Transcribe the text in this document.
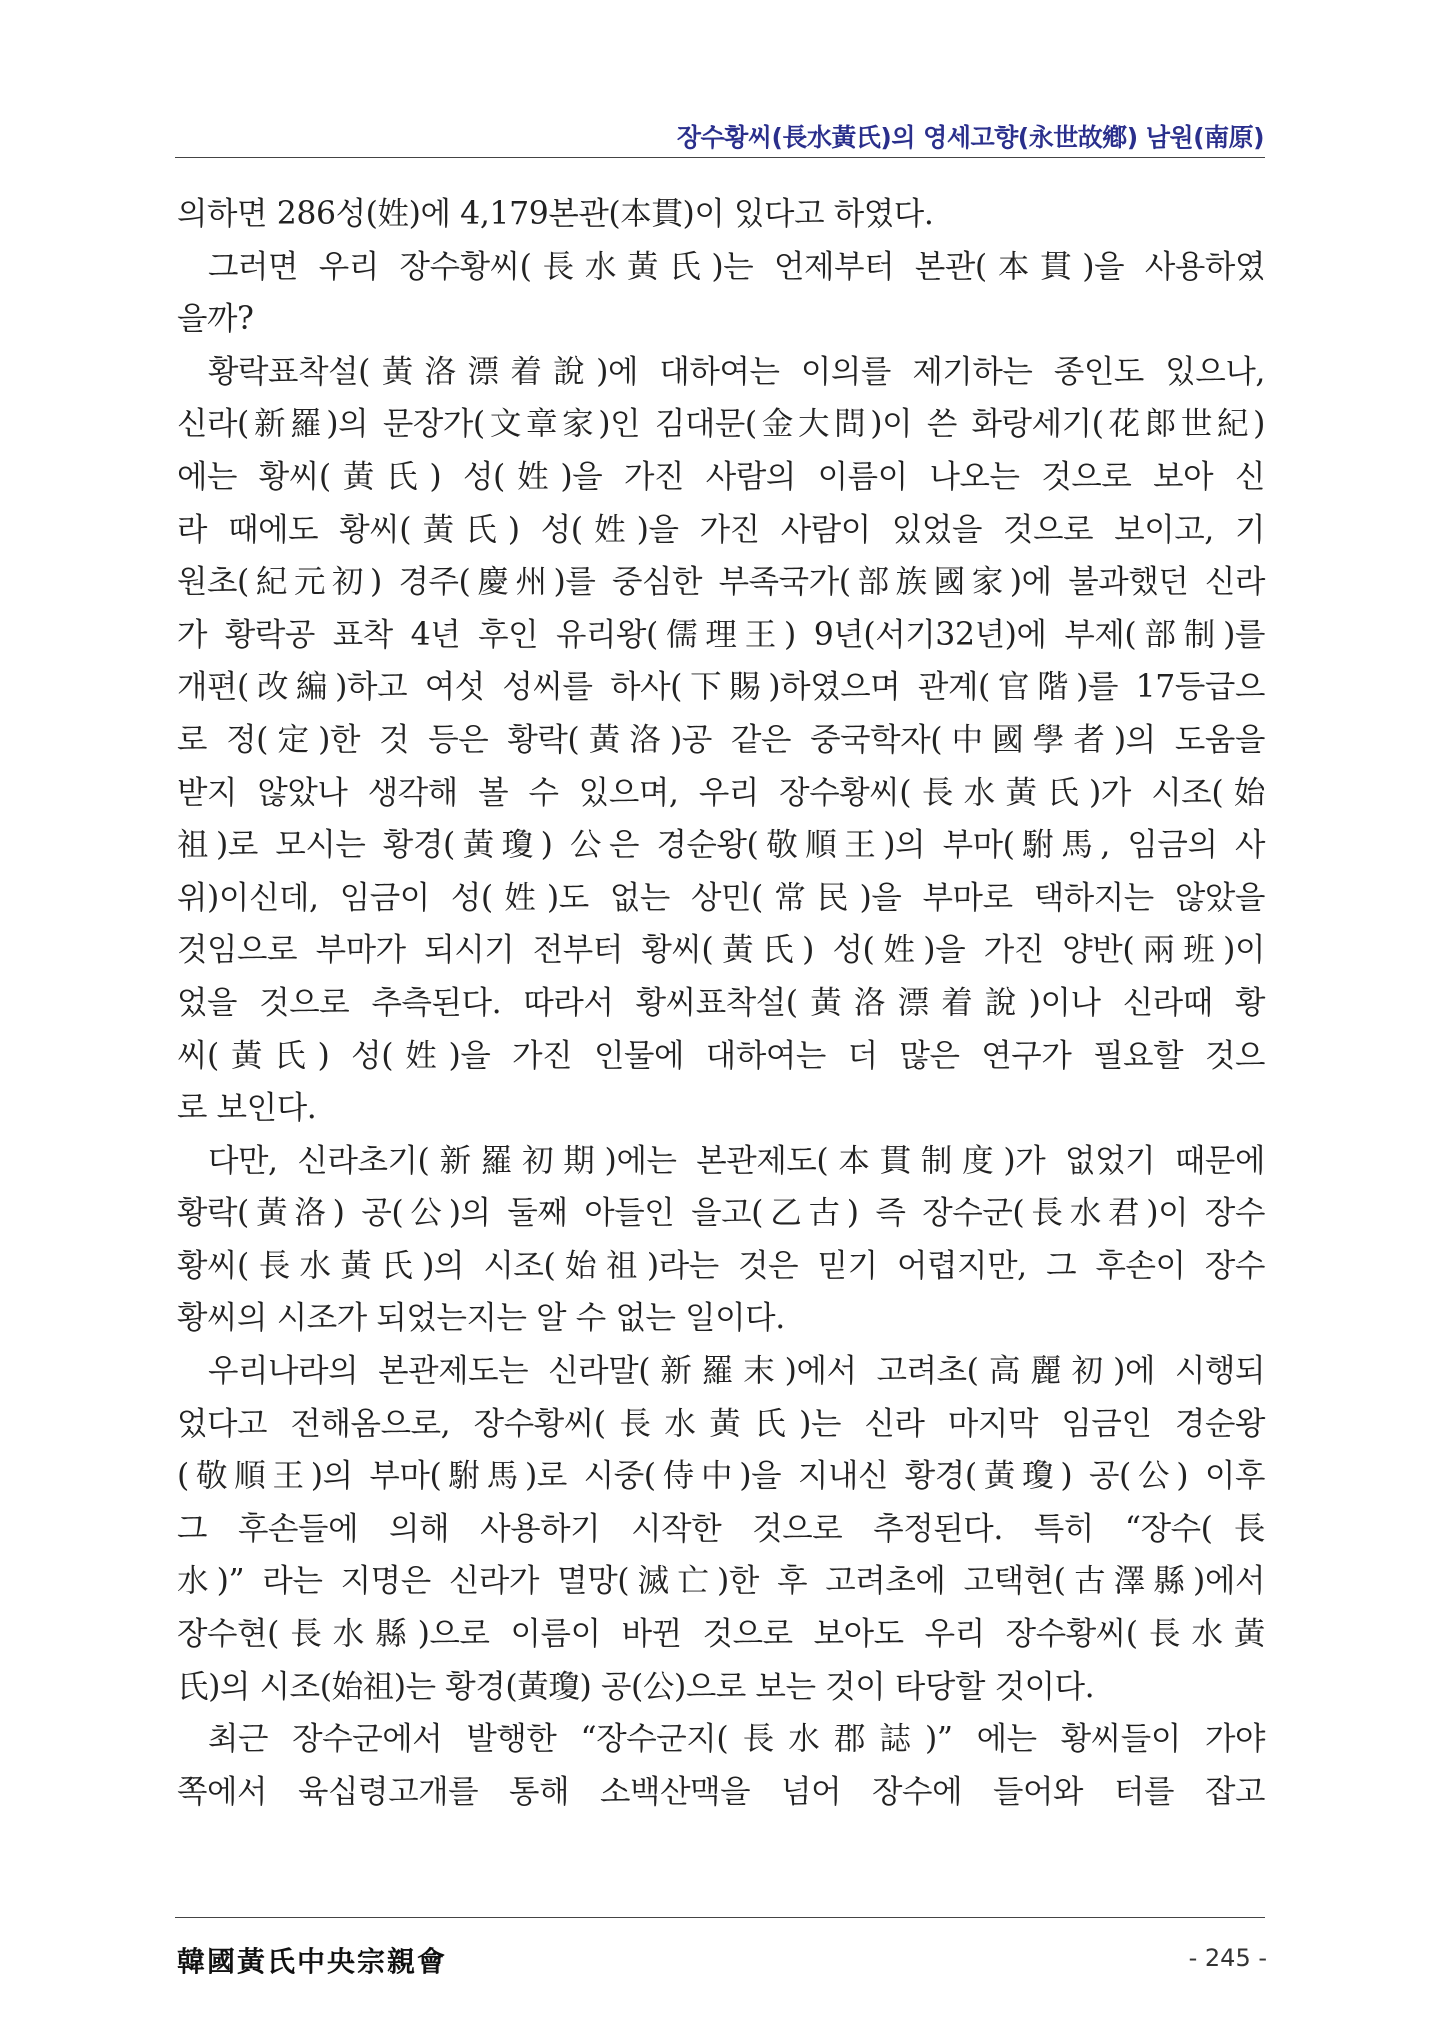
장수황씨(長水黃氏)의 영세고향(永世故鄕) 남원(南原)
의하면 286성(姓)에 4,179본관(本貫)이 있다고 하였다.
그러면 우리 장수황씨(長水黃氏)는 언제부터 본관(本貫)을 사용하였
을까?
황락표착설(黃洛漂着說)에 대하여는 이의를 제기하는 종인도 있으나,
신라(新羅)의 문장가(文章家)인 김대문(金大問)이 쓴 화랑세기(花郞世紀)
에는 황씨(黃氏) 성(姓)을 가진 사람의 이름이 나오는 것으로 보아 신
라 때에도 황씨(黃氏) 성(姓)을 가진 사람이 있었을 것으로 보이고, 기
원초(紀元初) 경주(慶州)를 중심한 부족국가(部族國家)에 불과했던 신라
가 황락공 표착 4년 후인 유리왕(儒理王) 9년(서기32년)에 부제(部制)를
개편(改編)하고 여섯 성씨를 하사(下賜)하였으며 관계(官階)를 17등급으
로 정(定)한 것 등은 황락(黃洛)공 같은 중국학자(中國學者)의 도움을
받지 않았나 생각해 볼 수 있으며, 우리 장수황씨(長水黃氏)가 시조(始
祖)로 모시는 황경(黃瓊) 公은 경순왕(敬順王)의 부마(駙馬, 임금의 사
위)이신데, 임금이 성(姓)도 없는 상민(常民)을 부마로 택하지는 않았을
것임으로 부마가 되시기 전부터 황씨(黃氏) 성(姓)을 가진 양반(兩班)이
었을 것으로 추측된다. 따라서 황씨표착설(黃洛漂着說)이나 신라때 황
씨(黃氏) 성(姓)을 가진 인물에 대하여는 더 많은 연구가 필요할 것으
로 보인다.
다만, 신라초기(新羅初期)에는 본관제도(本貫制度)가 없었기 때문에
황락(黃洛) 공(公)의 둘째 아들인 을고(乙古) 즉 장수군(長水君)이 장수
황씨(長水黃氏)의 시조(始祖)라는 것은 믿기 어렵지만, 그 후손이 장수
황씨의 시조가 되었는지는 알 수 없는 일이다.
우리나라의 본관제도는 신라말(新羅末)에서 고려초(高麗初)에 시행되
었다고 전해옴으로, 장수황씨(長水黃氏)는 신라 마지막 임금인 경순왕
(敬順王)의 부마(駙馬)로 시중(侍中)을 지내신 황경(黃瓊) 공(公) 이후
그 후손들에 의해 사용하기 시작한 것으로 추정된다. 특히 “장수(長
水)” 라는 지명은 신라가 멸망(滅亡)한 후 고려초에 고택현(古澤縣)에서
장수현(長水縣)으로 이름이 바뀐 것으로 보아도 우리 장수황씨(長水黃
氏)의 시조(始祖)는 황경(黃瓊) 공(公)으로 보는 것이 타당할 것이다.
최근 장수군에서 발행한 “장수군지(長水郡誌)” 에는 황씨들이 가야
쪽에서 육십령고개를 통해 소백산맥을 넘어 장수에 들어와 터를 잡고
韓國黃氏中央宗親會	- 245 -
